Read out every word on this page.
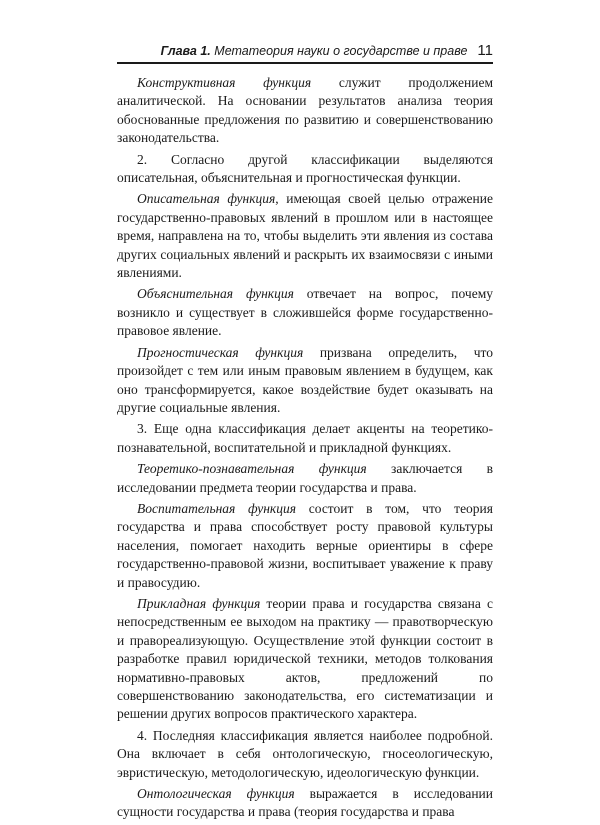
Глава 1. Метатеория науки о государстве и праве 11

Конструктивная функция служит продолжением аналитической. На основании результатов анализа теория обоснованные предложения по развитию и совершенствованию законодательства.

2. Согласно другой классификации выделяются описательная, объяснительная и прогностическая функции.

Описательная функция, имеющая своей целью отражение государственно-правовых явлений в прошлом или в настоящее время, направлена на то, чтобы выделить эти явления из состава других социальных явлений и раскрыть их взаимосвязи с иными явлениями.

Объяснительная функция отвечает на вопрос, почему возникло и существует в сложившейся форме государственно-правовое явление.

Прогностическая функция призвана определить, что произойдет с тем или иным правовым явлением в будущем, как оно трансформируется, какое воздействие будет оказывать на другие социальные явления.

3. Еще одна классификация делает акценты на теоретико-познавательной, воспитательной и прикладной функциях.

Теоретико-познавательная функция заключается в исследовании предмета теории государства и права.

Воспитательная функция состоит в том, что теория государства и права способствует росту правовой культуры населения, помогает находить верные ориентиры в сфере государственно-правовой жизни, воспитывает уважение к праву и правосудию.

Прикладная функция теории права и государства связана с непосредственным ее выходом на практику — правотворческую и правореализующую. Осуществление этой функции состоит в разработке правил юридической техники, методов толкования нормативно-правовых актов, предложений по совершенствованию законодательства, его систематизации и решении других вопросов практического характера.

4. Последняя классификация является наиболее подробной. Она включает в себя онтологическую, гносеологическую, эвристическую, методологическую, идеологическую функции.

Онтологическая функция выражается в исследовании сущности государства и права (теория государства и права
